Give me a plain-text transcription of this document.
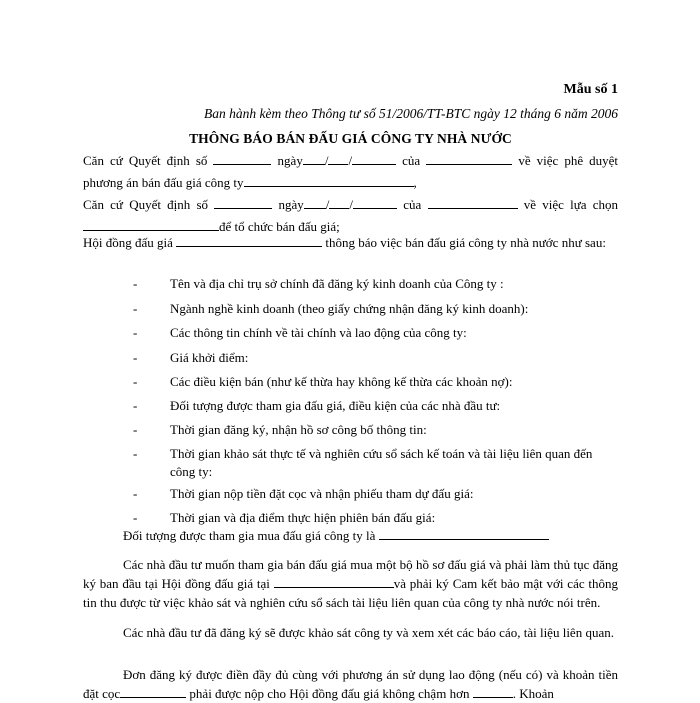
Mẫu số 1
Ban hành kèm theo Thông tư số 51/2006/TT-BTC ngày 12 tháng 6 năm 2006
THÔNG BÁO BÁN ĐẤU GIÁ CÔNG TY NHÀ NƯỚC
Căn cứ Quyết định số	ngày / /	của	về việc phê duyệt phương án bán đấu giá công ty	,
Căn cứ Quyết định số	ngày / /	của	về việc lựa chọn để tổ chức bán đấu giá;
Hội đồng đấu giá	thông báo việc bán đấu giá công ty nhà nước như sau:
-	Tên và địa chỉ trụ sở chính đã đăng ký kinh doanh của Công ty :
-	Ngành nghề kinh doanh (theo giấy chứng nhận đăng ký kinh doanh):
-	Các thông tin chính về tài chính và lao động của công ty:
-	Giá khởi điểm:
-	Các điều kiện bán (như kế thừa hay không kế thừa các khoản nợ):
-	Đối tượng được tham gia đấu giá, điều kiện của các nhà đầu tư:
-	Thời gian đăng ký, nhận hồ sơ công bố thông tin:
-	Thời gian khảo sát thực tế và nghiên cứu sổ sách kế toán và tài liệu liên quan đến công ty:
-	Thời gian nộp tiền đặt cọc và nhận phiếu tham dự đấu giá:
-	Thời gian và địa điểm thực hiện phiên bán đấu giá:
Đối tượng được tham gia mua đấu giá công ty là
Các nhà đầu tư muốn tham gia bán đấu giá mua một bộ hồ sơ đấu giá và phải làm thủ tục đăng ký ban đầu tại Hội đồng đấu giá tại	và phải ký Cam kết bảo mật với các thông tin thu được từ việc khảo sát và nghiên cứu sổ sách tài liệu liên quan của công ty nhà nước nói trên.
Các nhà đầu tư đã đăng ký sẽ được khảo sát công ty và xem xét các báo cáo, tài liệu liên quan.
Đơn đăng ký được điền đầy đủ cùng với phương án sử dụng lao động (nếu có) và khoản tiền đặt cọc	phải được nộp cho Hội đồng đấu giá không chậm hơn	. Khoản
